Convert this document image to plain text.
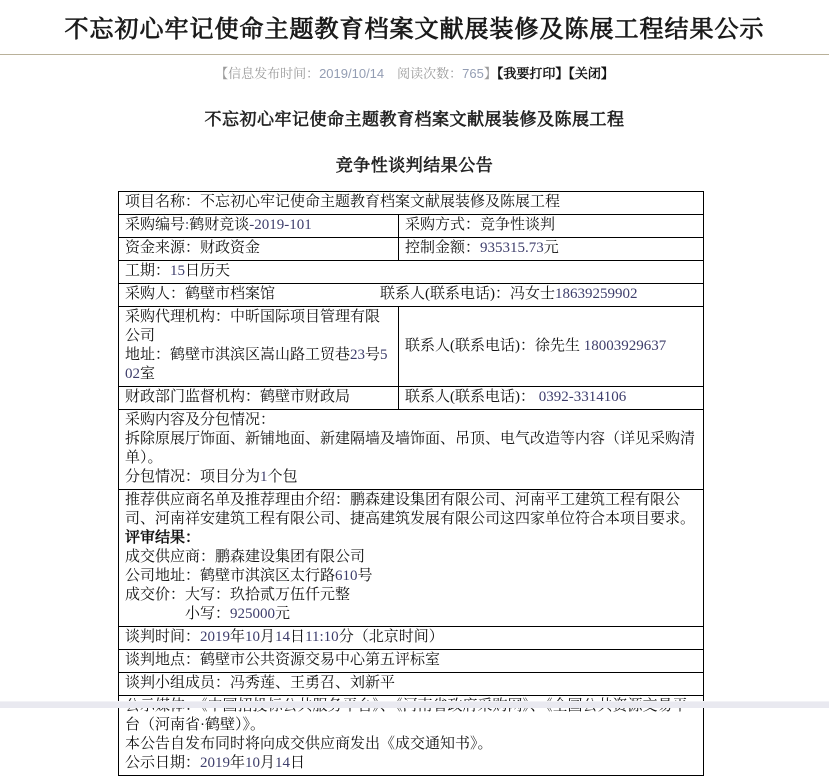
不忘初心牢记使命主题教育档案文献展装修及陈展工程结果公示
【信息发布时间：2019/10/14　阅读次数：765】【我要打印】【关闭】
不忘初心牢记使命主题教育档案文献展装修及陈展工程
竞争性谈判结果公告
项目名称：不忘初心牢记使命主题教育档案文献展装修及陈展工程	

采购编号:鹤财竞谈-2019-101	采购方式：竞争性谈判

资金来源：财政资金	控制金额：935315.73元

工期：15日历天	

采购人：鹤壁市档案馆　　　　　　　联系人(联系电话)：冯女士18639259902	

采购代理机构：中昕国际项目管理有限公司
地址：鹤壁市淇滨区嵩山路工贸巷23号502室	联系人(联系电话)：徐先生 18003929637

财政部门监督机构：鹤壁市财政局	联系人(联系电话)： 0392-3314106

采购内容及分包情况：
拆除原展厅饰面、新铺地面、新建隔墙及墙饰面、吊顶、电气改造等内容（详见采购清单）。
分包情况：项目分为1个包	

推荐供应商名单及推荐理由介绍：鹏森建设集团有限公司、河南平工建筑工程有限公司、河南祥安建筑工程有限公司、捷高建筑发展有限公司这四家单位符合本项目要求。
评审结果：
成交供应商：鹏森建设集团有限公司
公司地址：鹤壁市淇滨区太行路610号
成交价：大写：玖拾贰万伍仟元整
　　　　小写：925000元

谈判时间：2019年10月14日11:10分（北京时间）	

谈判地点：鹤壁市公共资源交易中心第五评标室	

谈判小组成员：冯秀莲、王勇召、刘新平	

台（河南省·鹤壁）》。
本公告自发布同时将向成交供应商发出《成交通知书》。
公示日期：2019年10月14日	
